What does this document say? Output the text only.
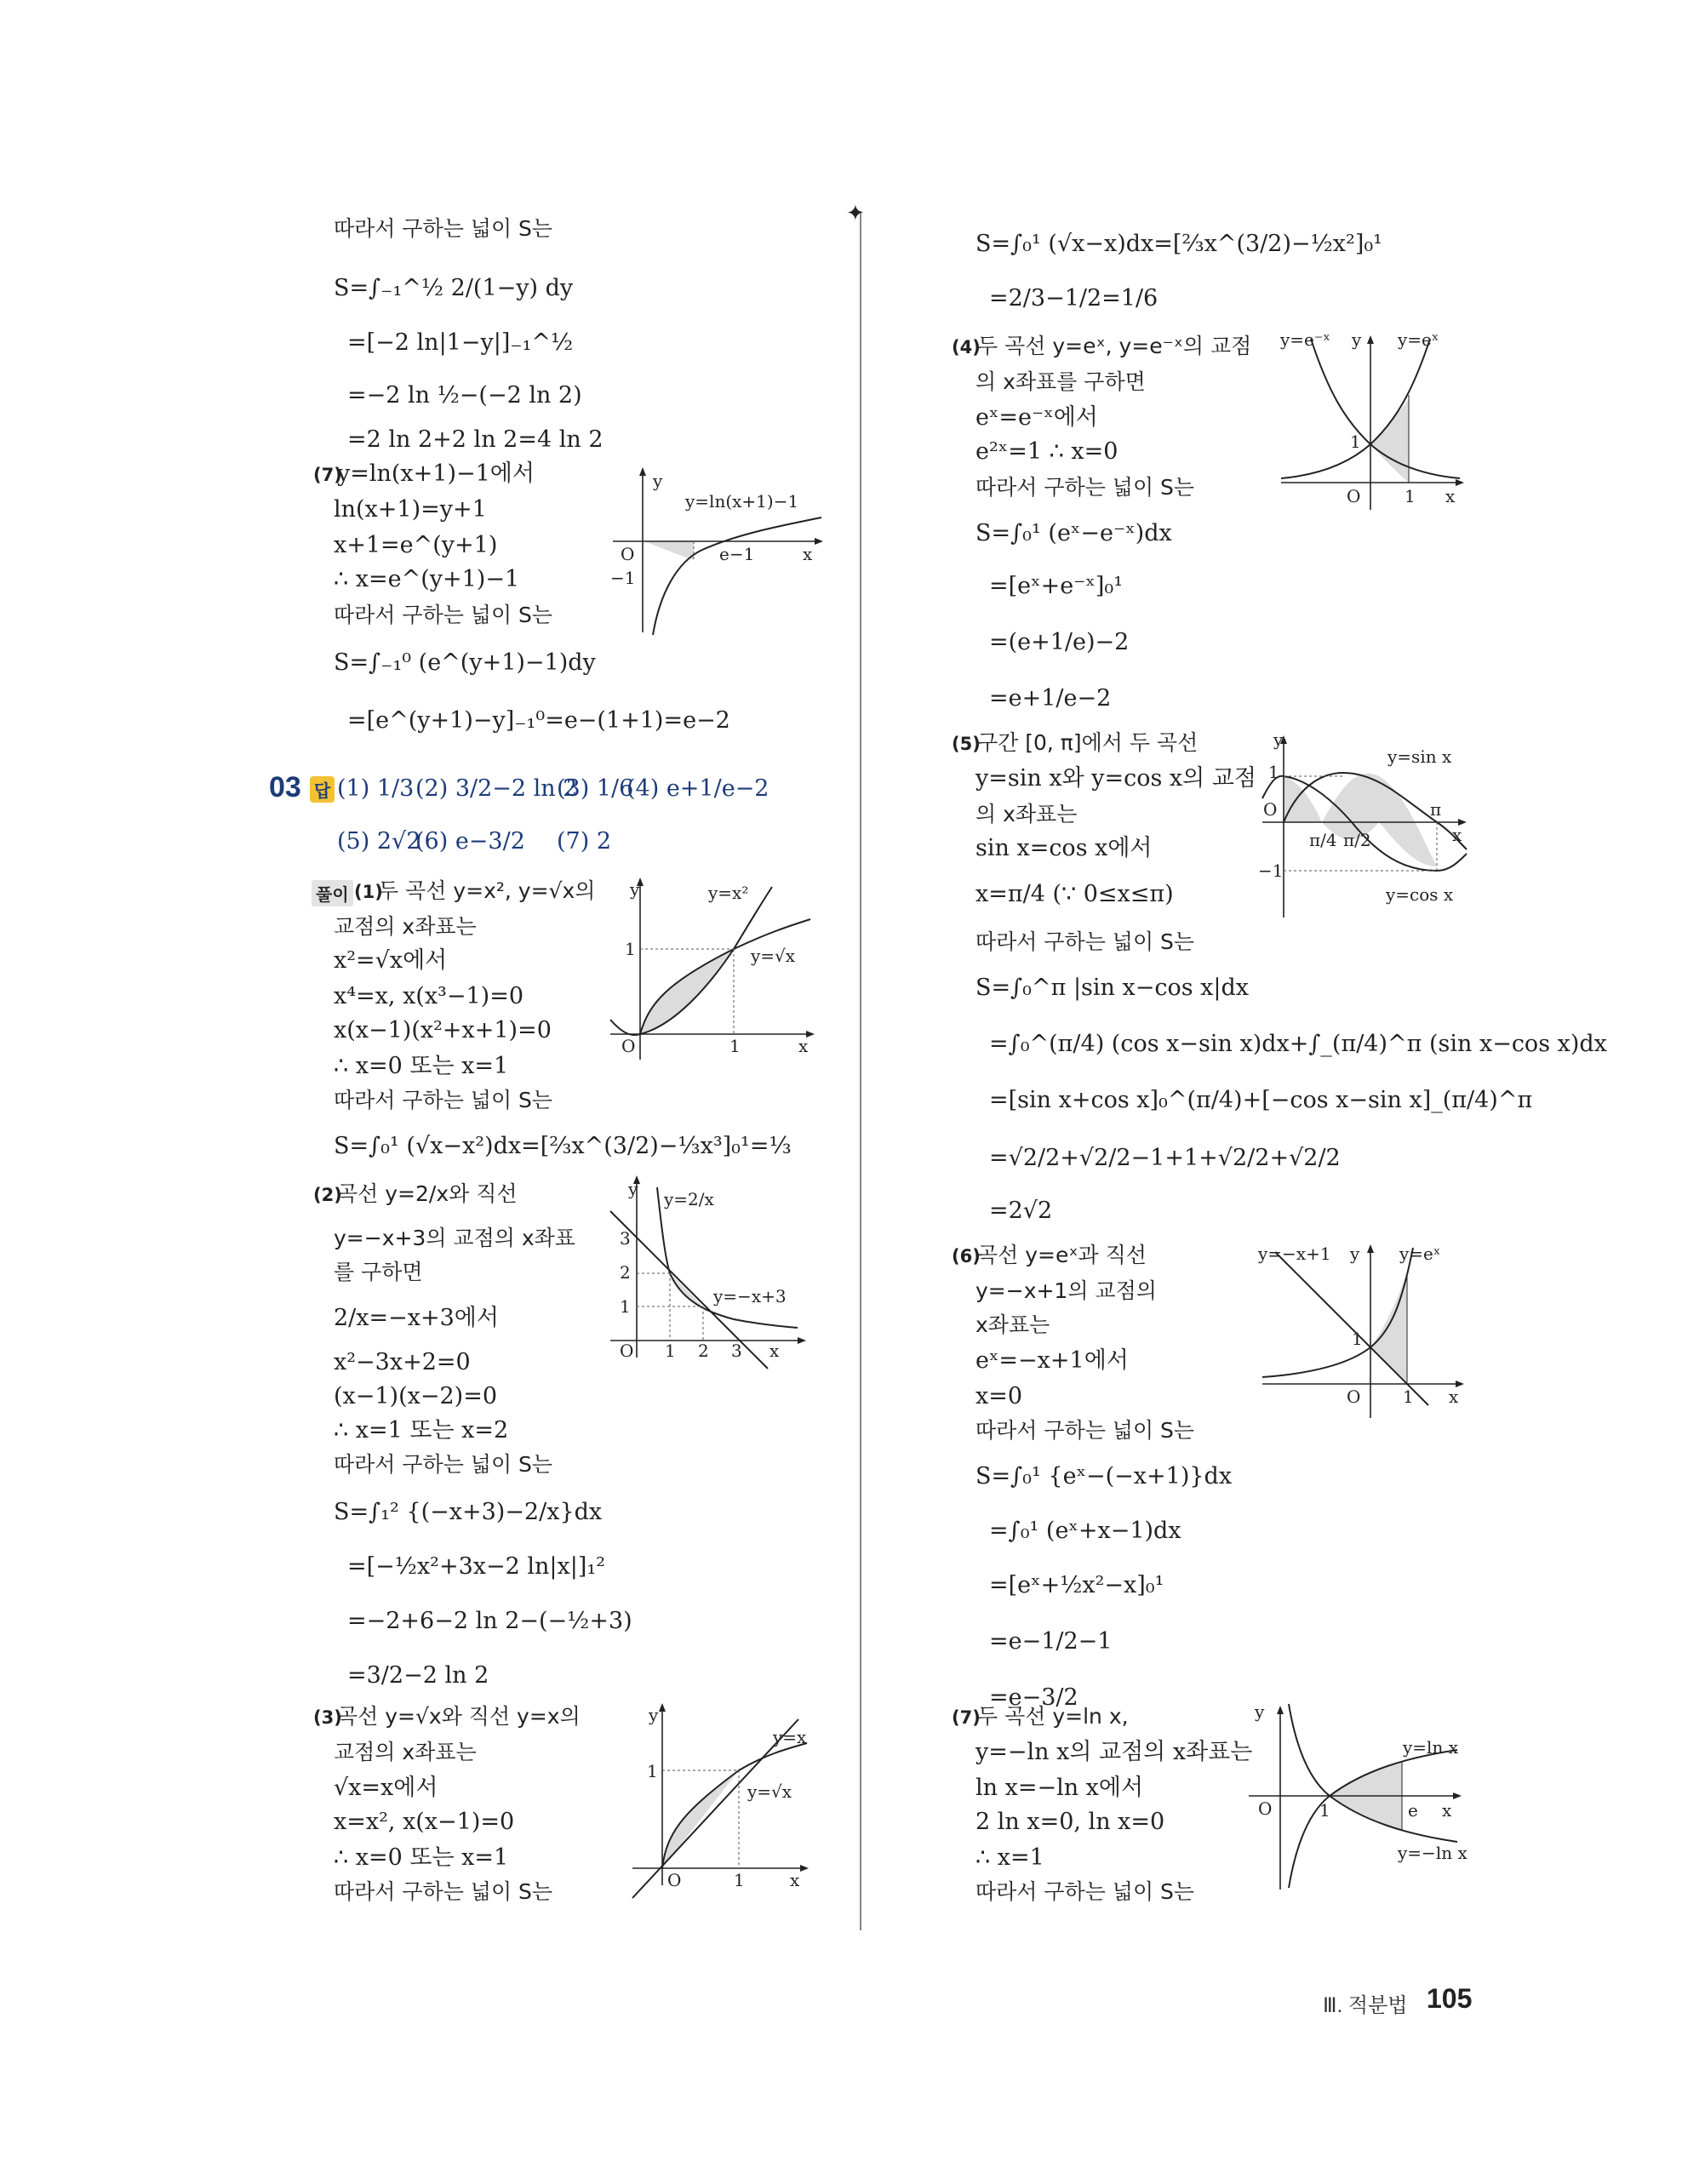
따라서 구하는 넓이 S는
S=∫₋₁^½ 2/(1−y) dy
=[−2 ln|1−y|]₋₁^½
=−2 ln ½−(−2 ln 2)
=2 ln 2+2 ln 2=4 ln 2
(7)
y=ln(x+1)−1에서
ln(x+1)=y+1
x+1=e^(y+1)
∴ x=e^(y+1)−1
따라서 구하는 넓이 S는
S=∫₋₁⁰ (e^(y+1)−1)dy
=[e^(y+1)−y]₋₁⁰=e−(1+1)=e−2
y
y=ln(x+1)−1
x
O	e−1
−1
03 답 (1) 1/3 (2) 3/2−2 ln 2
(3) 1/6
(4) e+1/e−2
(5) 2√2
(6) e−3/2 (7) 2
풀이 (1)
두 곡선 y=x², y=√x의
교점의 x좌표는
x²=√x에서
x⁴=x, x(x³−1)=0
x(x−1)(x²+x+1)=0
∴ x=0 또는 x=1
따라서 구하는 넓이 S는
S=∫₀¹ (√x−x²)dx=[⅔x^(3/2)−⅓x³]₀¹=⅓
y	y=x²
y=√x
1
O	1	x
(2)
곡선 y=2/x와 직선
y=−x+3의 교점의 x좌표
를 구하면
2/x=−x+3에서
x²−3x+2=0
(x−1)(x−2)=0
∴ x=1 또는 x=2
따라서 구하는 넓이 S는
S=∫₁² {(−x+3)−2/x}dx
=[−½x²+3x−2 ln|x|]₁²
=−2+6−2 ln 2−(−½+3)
=3/2−2 ln 2
y y=2/x
y=−x+3
3
2
1
O 1 2 3 x
(3)
곡선 y=√x와 직선 y=x의
교점의 x좌표는
√x=x에서
x=x², x(x−1)=0
∴ x=0 또는 x=1
따라서 구하는 넓이 S는
y
y=x
y=√x
1
O	1	x
✦
S=∫₀¹ (√x−x)dx=[⅔x^(3/2)−½x²]₀¹
=2/3−1/2=1/6
(4)
두 곡선 y=eˣ, y=e⁻ˣ의 교점
의 x좌표를 구하면
eˣ=e⁻ˣ에서
e²ˣ=1 ∴ x=0
따라서 구하는 넓이 S는
S=∫₀¹ (eˣ−e⁻ˣ)dx
=[eˣ+e⁻ˣ]₀¹
=(e+1/e)−2
=e+1/e−2
y=e⁻ˣ y y=eˣ
1
O	1 x
(5)
구간 [0, π]에서 두 곡선
y=sin x와 y=cos x의 교점
의 x좌표는
sin x=cos x에서
x=π/4 (∵ 0≤x≤π)
따라서 구하는 넓이 S는
S=∫₀^π |sin x−cos x|dx
=∫₀^(π/4) (cos x−sin x)dx+∫_(π/4)^π (sin x−cos x)dx
=[sin x+cos x]₀^(π/4)+[−cos x−sin x]_(π/4)^π
=√2/2+√2/2−1+1+√2/2+√2/2
=2√2
y
y=sin x
y=cos x
1
O
−1
π/4 π/2
π
x
(6)
곡선 y=eˣ과 직선
y=−x+1의 교점의
x좌표는
eˣ=−x+1에서
x=0
따라서 구하는 넓이 S는
S=∫₀¹ {eˣ−(−x+1)}dx
=∫₀¹ (eˣ+x−1)dx
=[eˣ+½x²−x]₀¹
=e−1/2−1
=e−3/2
y=−x+1 y y=eˣ
1
O 1 x
(7)
두 곡선 y=ln x,
y=−ln x의 교점의 x좌표는
ln x=−ln x에서
2 ln x=0, ln x=0
∴ x=1
따라서 구하는 넓이 S는
y
y=ln x
y=−ln x
O	1	e x
Ⅲ. 적분법 105
